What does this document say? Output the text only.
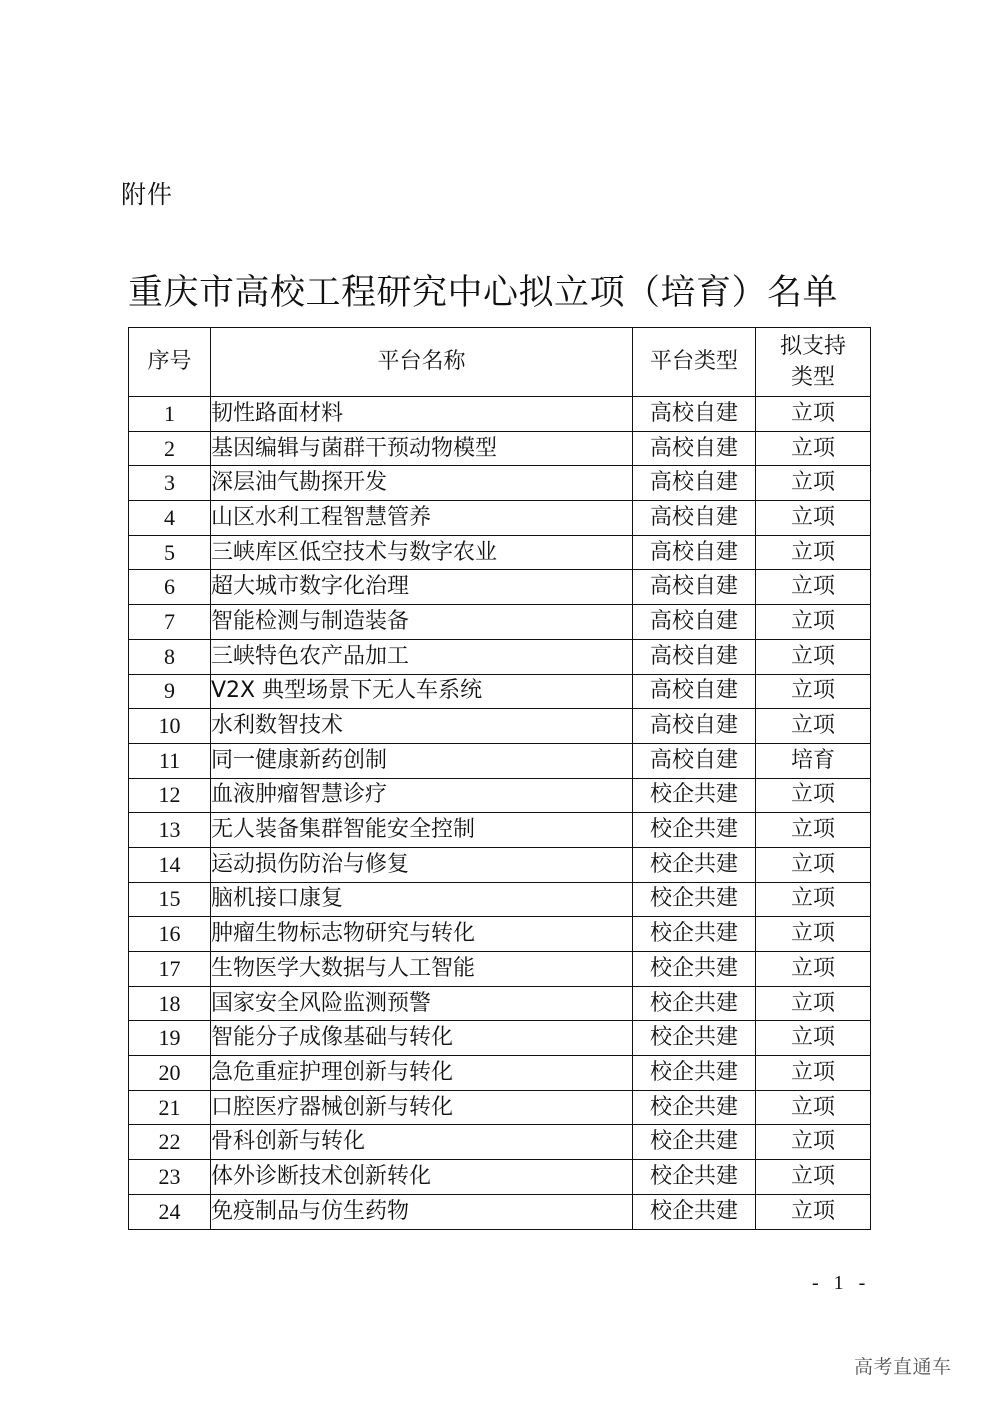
附件
重庆市高校工程研究中心拟立项（培育）名单
序号	平台名称	平台类型	拟支持类型
1	韧性路面材料	高校自建	立项
2	基因编辑与菌群干预动物模型	高校自建	立项
3	深层油气勘探开发	高校自建	立项
4	山区水利工程智慧管养	高校自建	立项
5	三峡库区低空技术与数字农业	高校自建	立项
6	超大城市数字化治理	高校自建	立项
7	智能检测与制造装备	高校自建	立项
8	三峡特色农产品加工	高校自建	立项
9	V2X 典型场景下无人车系统	高校自建	立项
10	水利数智技术	高校自建	立项
11	同一健康新药创制	高校自建	培育
12	血液肿瘤智慧诊疗	校企共建	立项
13	无人装备集群智能安全控制	校企共建	立项
14	运动损伤防治与修复	校企共建	立项
15	脑机接口康复	校企共建	立项
16	肿瘤生物标志物研究与转化	校企共建	立项
17	生物医学大数据与人工智能	校企共建	立项
18	国家安全风险监测预警	校企共建	立项
19	智能分子成像基础与转化	校企共建	立项
20	急危重症护理创新与转化	校企共建	立项
21	口腔医疗器械创新与转化	校企共建	立项
22	骨科创新与转化	校企共建	立项
23	体外诊断技术创新转化	校企共建	立项
24	免疫制品与仿生药物	校企共建	立项
- 1 -
高考直通车
